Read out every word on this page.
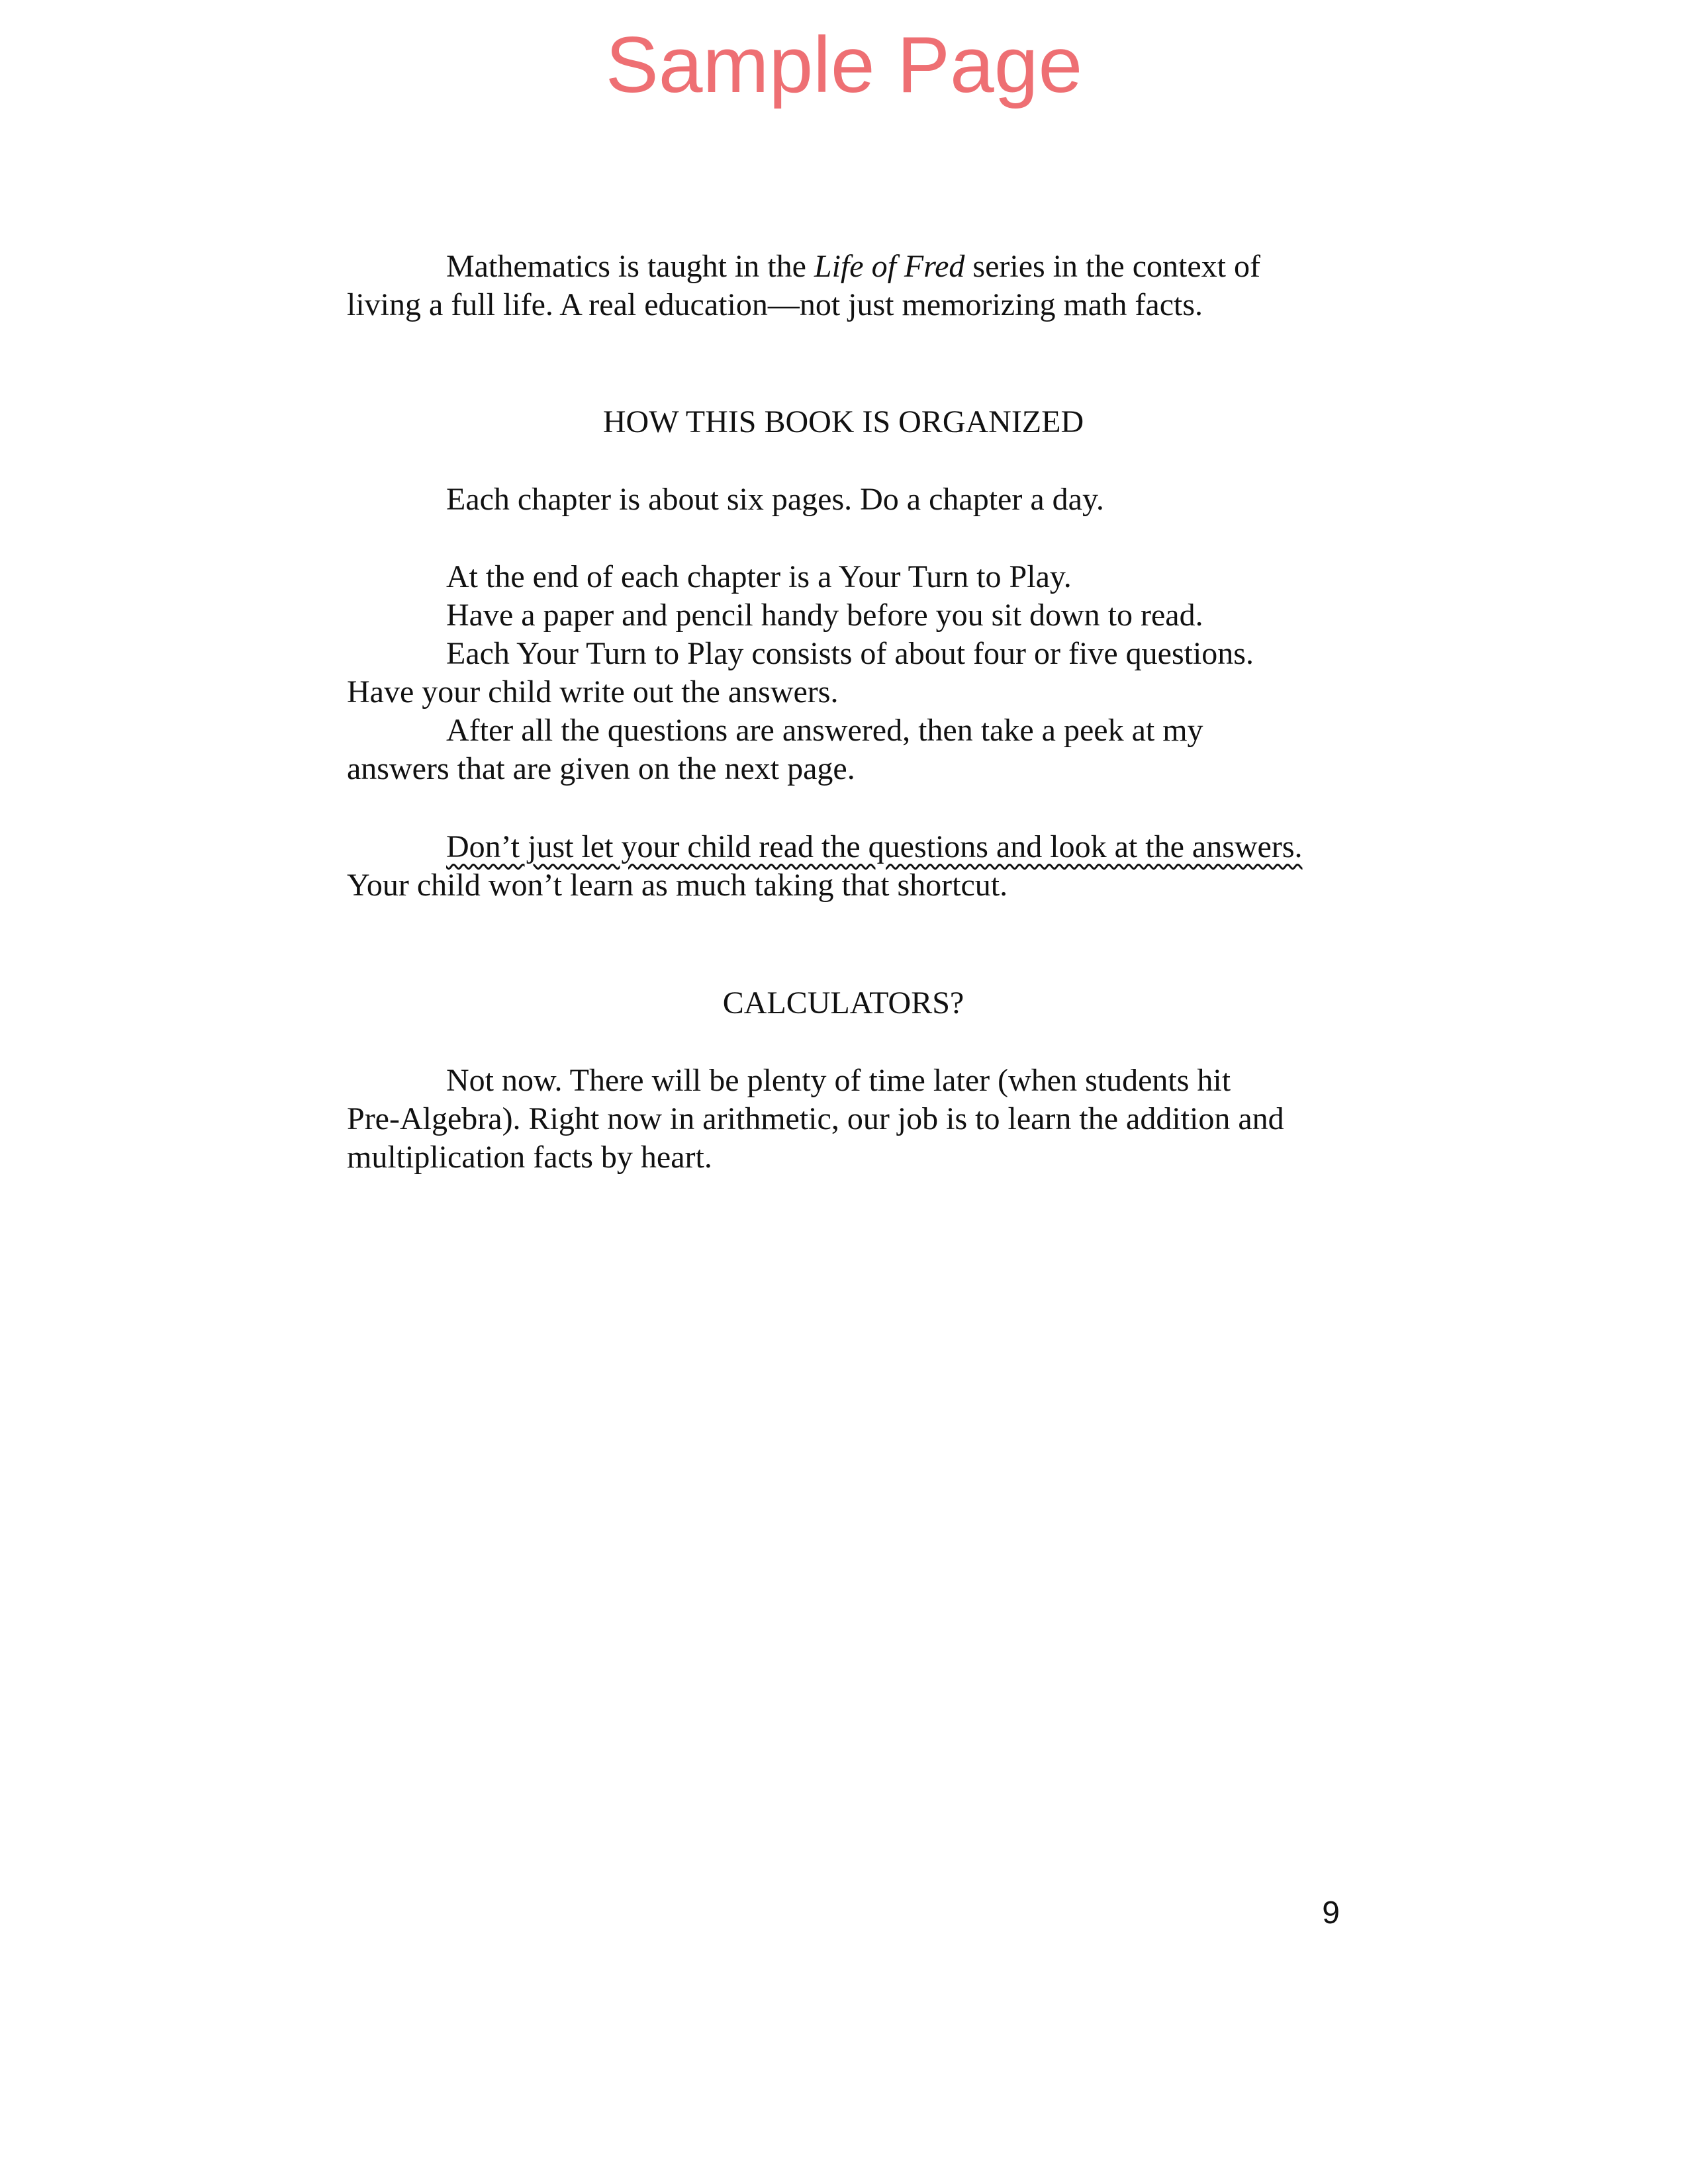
Sample Page
Mathematics is taught in the Life of Fred series in the context of
living a full life. A real education—not just memorizing math facts.
HOW THIS BOOK IS ORGANIZED
Each chapter is about six pages. Do a chapter a day.
At the end of each chapter is a Your Turn to Play.
Have a paper and pencil handy before you sit down to read.
Each Your Turn to Play consists of about four or five questions.
Have your child write out the answers.
After all the questions are answered, then take a peek at my
answers that are given on the next page.
Don’t just let your child read the questions and look at the answers.
Your child won’t learn as much taking that shortcut.
CALCULATORS?
Not now. There will be plenty of time later (when students hit
Pre-Algebra). Right now in arithmetic, our job is to learn the addition and
multiplication facts by heart.
9
